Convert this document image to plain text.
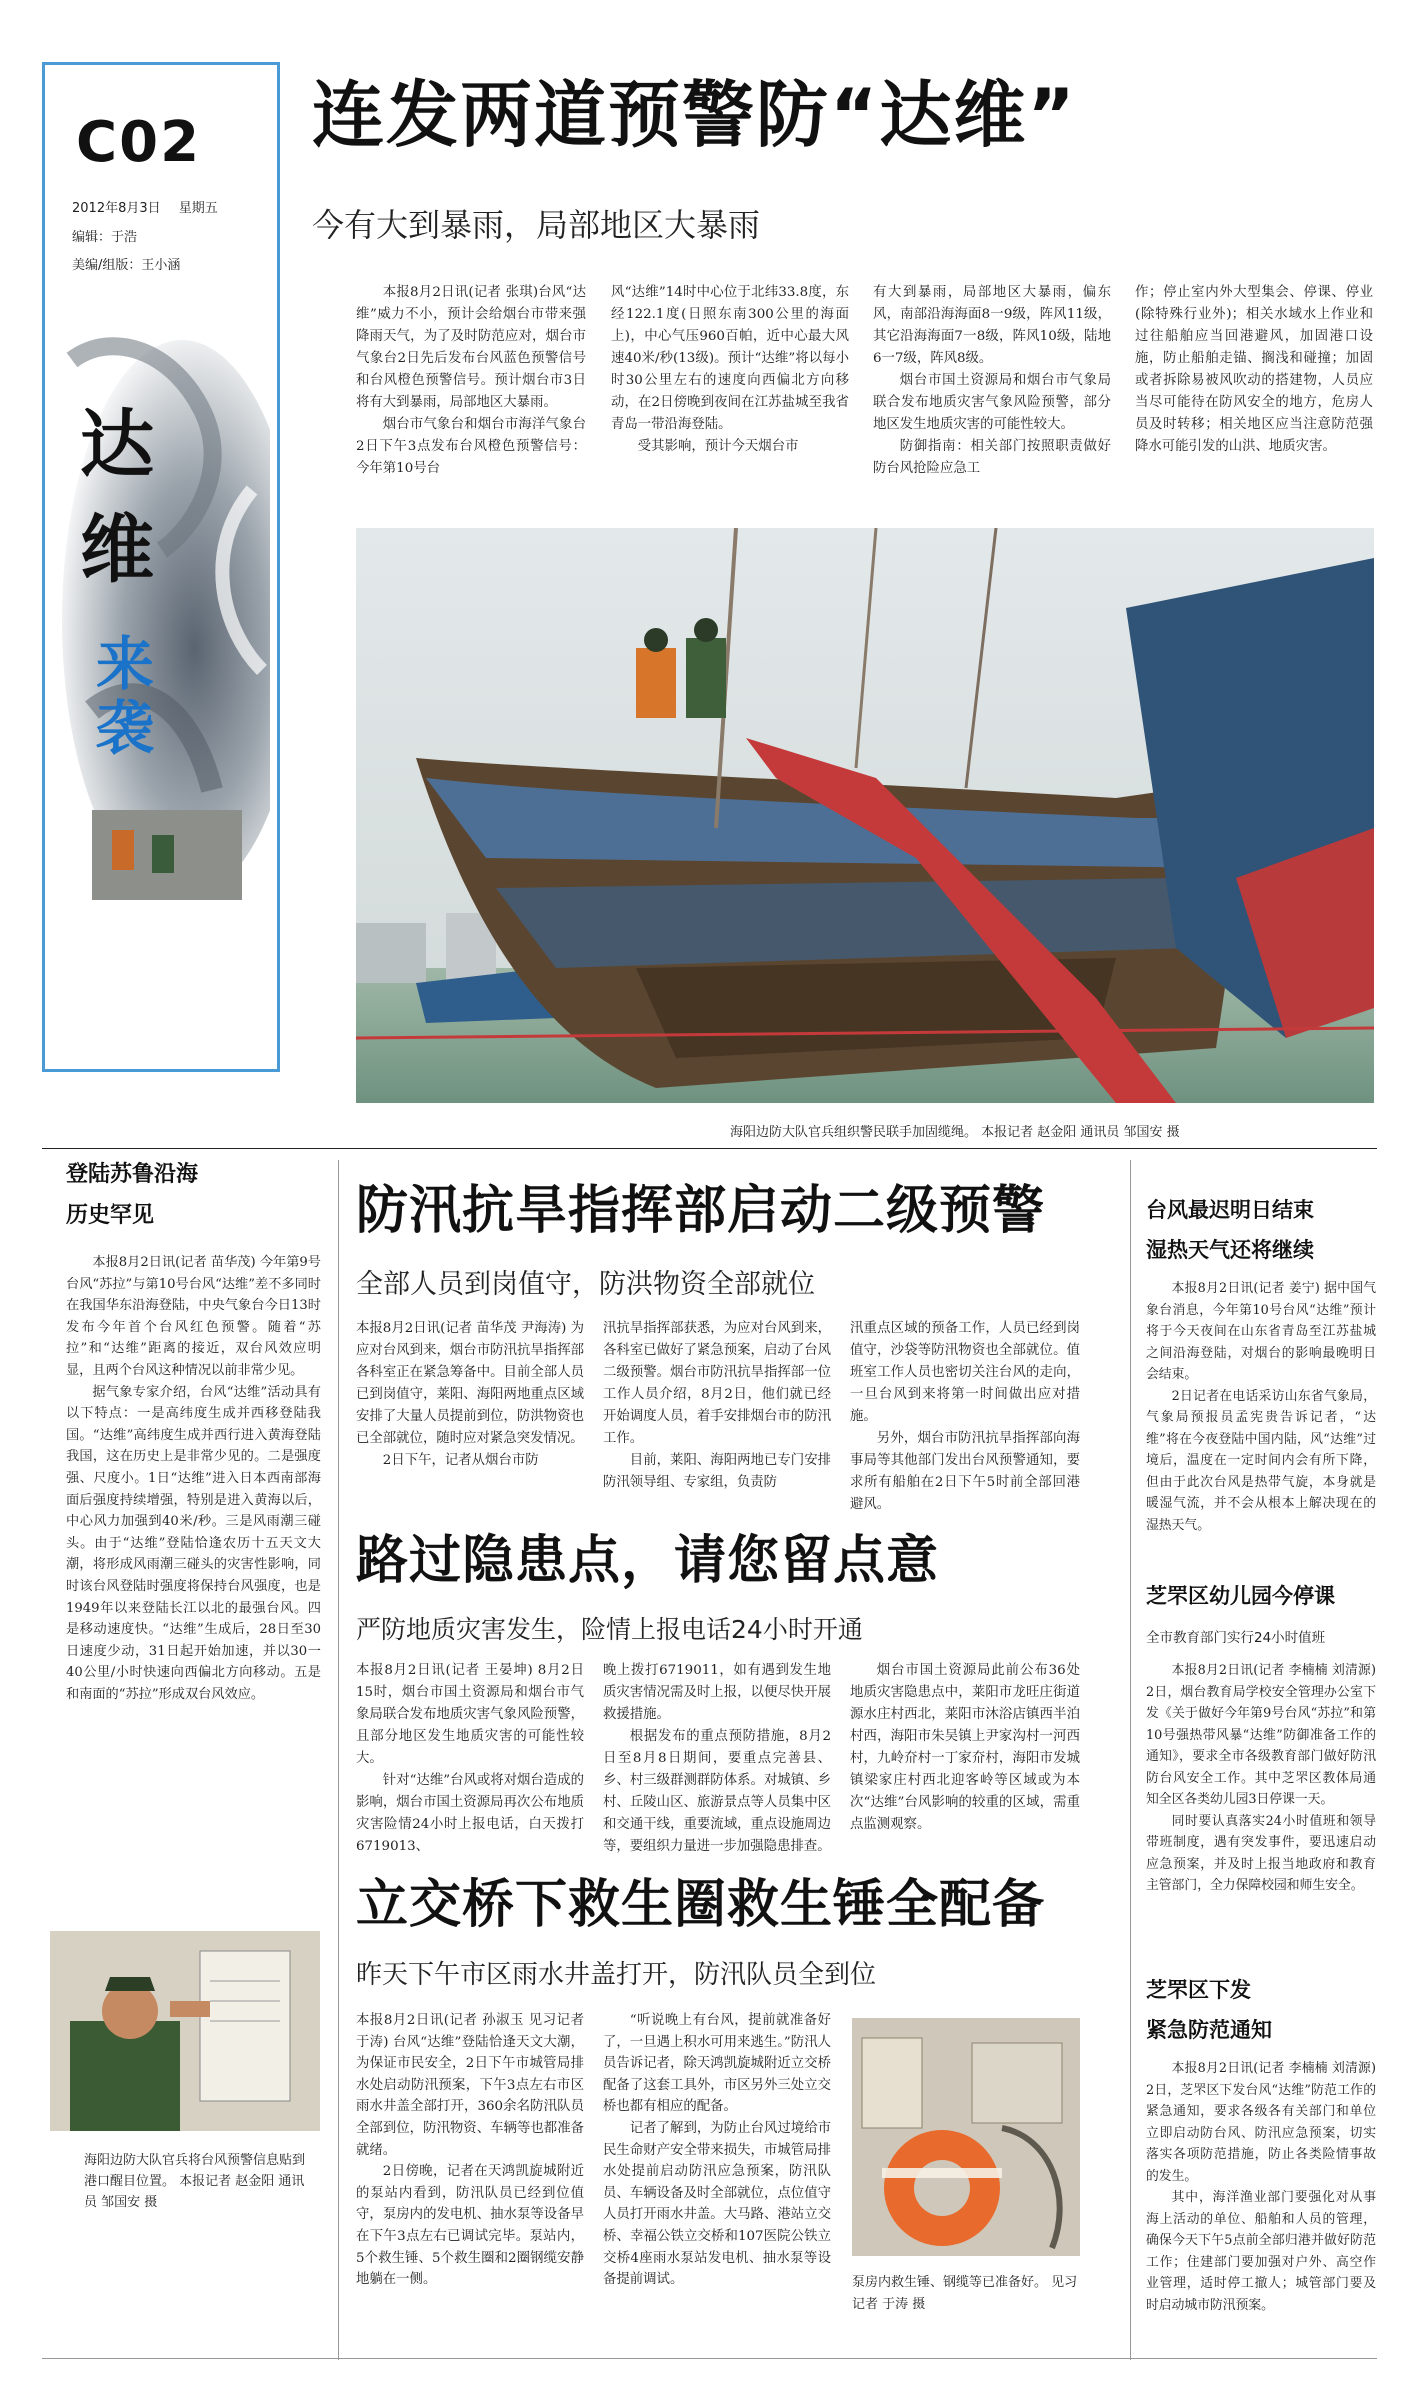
C02
2012年8月3日 星期五
编辑：于浩
美编/组版：王小涵
达
维
来袭
连发两道预警防“达维”
今有大到暴雨，局部地区大暴雨

本报8月2日讯(记者 张琪)台风“达维”威力不小，预计会给烟台市带来强降雨天气，为了及时防范应对，烟台市气象台2日先后发布台风蓝色预警信号和台风橙色预警信号。预计烟台市3日将有大到暴雨，局部地区大暴雨。

烟台市气象台和烟台市海洋气象台2日下午3点发布台风橙色预警信号：今年第10号台

风“达维”14时中心位于北纬33.8度，东经122.1度(日照东南300公里的海面上)，中心气压960百帕，近中心最大风速40米/秒(13级)。预计“达维”将以每小时30公里左右的速度向西偏北方向移动，在2日傍晚到夜间在江苏盐城至我省青岛一带沿海登陆。

受其影响，预计今天烟台市

有大到暴雨，局部地区大暴雨，偏东风，南部沿海海面8一9级，阵风11级，其它沿海海面7一8级，阵风10级，陆地6一7级，阵风8级。

烟台市国土资源局和烟台市气象局联合发布地质灾害气象风险预警，部分地区发生地质灾害的可能性较大。

防御指南：相关部门按照职责做好防台风抢险应急工

作；停止室内外大型集会、停课、停业(除特殊行业外)；相关水域水上作业和过往船舶应当回港避风，加固港口设施，防止船舶走锚、搁浅和碰撞；加固或者拆除易被风吹动的搭建物，人员应当尽可能待在防风安全的地方，危房人员及时转移；相关地区应当注意防范强降水可能引发的山洪、地质灾害。

海阳边防大队官兵组织警民联手加固缆绳。 本报记者 赵金阳 通讯员 邹国安 摄
登陆苏鲁沿海
历史罕见

本报8月2日讯(记者 苗华茂) 今年第9号台风“苏拉”与第10号台风“达维”差不多同时在我国华东沿海登陆，中央气象台今日13时发布今年首个台风红色预警。随着“苏拉”和“达维”距离的接近，双台风效应明显，且两个台风这种情况以前非常少见。

据气象专家介绍，台风“达维”活动具有以下特点：一是高纬度生成并西移登陆我国。“达维”高纬度生成并西行进入黄海登陆我国，这在历史上是非常少见的。二是强度强、尺度小。1日“达维”进入日本西南部海面后强度持续增强，特别是进入黄海以后，中心风力加强到40米/秒。三是风雨潮三碰头。由于“达维”登陆恰逢农历十五天文大潮，将形成风雨潮三碰头的灾害性影响，同时该台风登陆时强度将保持台风强度，也是1949年以来登陆长江以北的最强台风。四是移动速度快。“达维”生成后，28日至30日速度少动，31日起开始加速，并以30一40公里/小时快速向西偏北方向移动。五是和南面的“苏拉”形成双台风效应。

海阳边防大队官兵将台风预警信息贴到港口醒目位置。 本报记者 赵金阳 通讯员 邹国安 摄
防汛抗旱指挥部启动二级预警
全部人员到岗值守，防洪物资全部就位

本报8月2日讯(记者 苗华茂 尹海涛) 为应对台风到来，烟台市防汛抗旱指挥部各科室正在紧急筹备中。目前全部人员已到岗值守，莱阳、海阳两地重点区域安排了大量人员提前到位，防洪物资也已全部就位，随时应对紧急突发情况。

2日下午，记者从烟台市防

汛抗旱指挥部获悉，为应对台风到来，各科室已做好了紧急预案，启动了台风二级预警。烟台市防汛抗旱指挥部一位工作人员介绍，8月2日，他们就已经开始调度人员，着手安排烟台市的防汛工作。

目前，莱阳、海阳两地已专门安排防汛领导组、专家组，负责防

汛重点区域的预备工作，人员已经到岗值守，沙袋等防汛物资也全部就位。值班室工作人员也密切关注台风的走向，一旦台风到来将第一时间做出应对措施。

另外，烟台市防汛抗旱指挥部向海事局等其他部门发出台风预警通知，要求所有船舶在2日下午5时前全部回港避风。

路过隐患点，请您留点意
严防地质灾害发生，险情上报电话24小时开通

本报8月2日讯(记者 王晏坤) 8月2日15时，烟台市国土资源局和烟台市气象局联合发布地质灾害气象风险预警，且部分地区发生地质灾害的可能性较大。

针对“达维”台风或将对烟台造成的影响，烟台市国土资源局再次公布地质灾害险情24小时上报电话，白天拨打6719013、

晚上拨打6719011，如有遇到发生地质灾害情况需及时上报，以便尽快开展救援措施。

根据发布的重点预防措施，8月2日至8月8日期间，要重点完善县、乡、村三级群测群防体系。对城镇、乡村、丘陵山区、旅游景点等人员集中区和交通干线，重要流域，重点设施周边等，要组织力量进一步加强隐患排查。

烟台市国土资源局此前公布36处地质灾害隐患点中，莱阳市龙旺庄街道源水庄村西北，莱阳市沐浴店镇西半泊村西，海阳市朱吴镇上尹家沟村一河西村，九岭夼村一丁家夼村，海阳市发城镇梁家庄村西北迎客岭等区域或为本次“达维”台风影响的较重的区域，需重点监测观察。

立交桥下救生圈救生锤全配备
昨天下午市区雨水井盖打开，防汛队员全到位

本报8月2日讯(记者 孙淑玉 见习记者 于涛) 台风“达维”登陆恰逢天文大潮，为保证市民安全，2日下午市城管局排水处启动防汛预案，下午3点左右市区雨水井盖全部打开，360余名防汛队员全部到位，防汛物资、车辆等也都准备就绪。

2日傍晚，记者在天鸿凯旋城附近的泵站内看到，防汛队员已经到位值守，泵房内的发电机、抽水泵等设备早在下午3点左右已调试完毕。泵站内，5个救生锤、5个救生圈和2圈钢缆安静地躺在一侧。

“听说晚上有台风，提前就准备好了，一旦遇上积水可用来逃生。”防汛人员告诉记者，除天鸿凯旋城附近立交桥配备了这套工具外，市区另外三处立交桥也都有相应的配备。

记者了解到，为防止台风过境给市民生命财产安全带来损失，市城管局排水处提前启动防汛应急预案，防汛队员、车辆设备及时全部就位，点位值守人员打开雨水井盖。大马路、港站立交桥、幸福公铁立交桥和107医院公铁立交桥4座雨水泵站发电机、抽水泵等设备提前调试。	泵房内救生锤、钢缆等已准备好。 见习记者 于涛 摄
台风最迟明日结束
湿热天气还将继续

本报8月2日讯(记者 姜宁) 据中国气象台消息，今年第10号台风“达维”预计将于今天夜间在山东省青岛至江苏盐城之间沿海登陆，对烟台的影响最晚明日会结束。

2日记者在电话采访山东省气象局，气象局预报员孟宪贵告诉记者，“达维”将在今夜登陆中国内陆，风“达维”过境后，温度在一定时间内会有所下降，但由于此次台风是热带气旋，本身就是暖湿气流，并不会从根本上解决现在的湿热天气。

芝罘区幼儿园今停课
全市教育部门实行24小时值班

本报8月2日讯(记者 李楠楠 刘清源) 2日，烟台教育局学校安全管理办公室下发《关于做好今年第9号台风“苏拉”和第10号强热带风暴“达维”防御准备工作的通知》，要求全市各级教育部门做好防汛防台风安全工作。其中芝罘区教体局通知全区各类幼儿园3日停课一天。

同时要认真落实24小时值班和领导带班制度，遇有突发事件，要迅速启动应急预案，并及时上报当地政府和教育主管部门，全力保障校园和师生安全。

芝罘区下发
紧急防范通知

本报8月2日讯(记者 李楠楠 刘清源) 2日，芝罘区下发台风“达维”防范工作的紧急通知，要求各级各有关部门和单位立即启动防台风、防汛应急预案，切实落实各项防范措施，防止各类险情事故的发生。

其中，海洋渔业部门要强化对从事海上活动的单位、船舶和人员的管理，确保今天下午5点前全部归港并做好防范工作；住建部门要加强对户外、高空作业管理，适时停工撤人；城管部门要及时启动城市防汛预案。
